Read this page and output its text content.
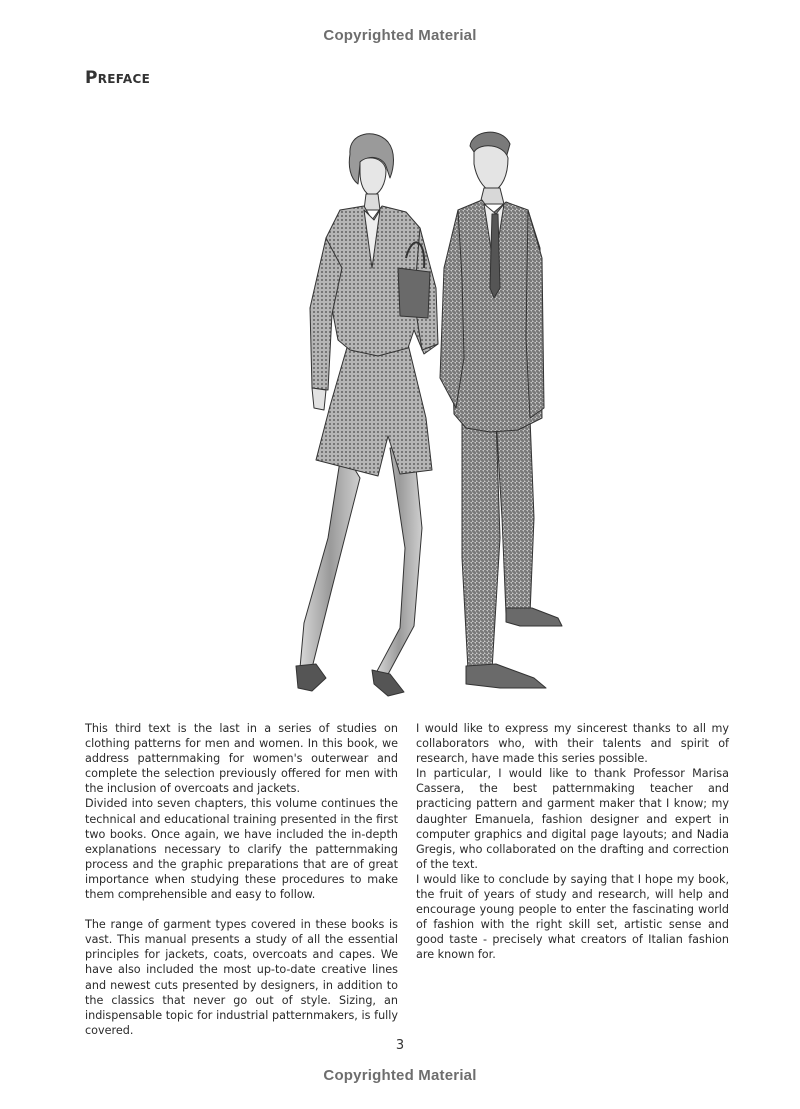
Copyrighted Material
Preface

This third text is the last in a series of studies on clothing patterns for men and women. In this book, we address patternmaking for women's outerwear and complete the selection previously offered for men with the inclusion of overcoats and jackets.

Divided into seven chapters, this volume continues the technical and educational training presented in the first two books. Once again, we have included the in-depth explanations necessary to clarify the patternmaking process and the graphic preparations that are of great importance when studying these procedures to make them comprehensible and easy to follow.

The range of garment types covered in these books is vast. This manual presents a study of all the essential principles for jackets, coats, overcoats and capes. We have also included the most up-to-date creative lines and newest cuts presented by designers, in addition to the classics that never go out of style. Sizing, an indispensable topic for industrial patternmakers, is fully covered.

I would like to express my sincerest thanks to all my collaborators who, with their talents and spirit of research, have made this series possible.

In particular, I would like to thank Professor Marisa Cassera, the best patternmaking teacher and practicing pattern and garment maker that I know; my daughter Emanuela, fashion designer and expert in computer graphics and digital page layouts; and Nadia Gregis, who collaborated on the drafting and correction of the text.

I would like to conclude by saying that I hope my book, the fruit of years of study and research, will help and encourage young people to enter the fascinating world of fashion with the right skill set, artistic sense and good taste - precisely what creators of Italian fashion are known for.

3
Copyrighted Material
